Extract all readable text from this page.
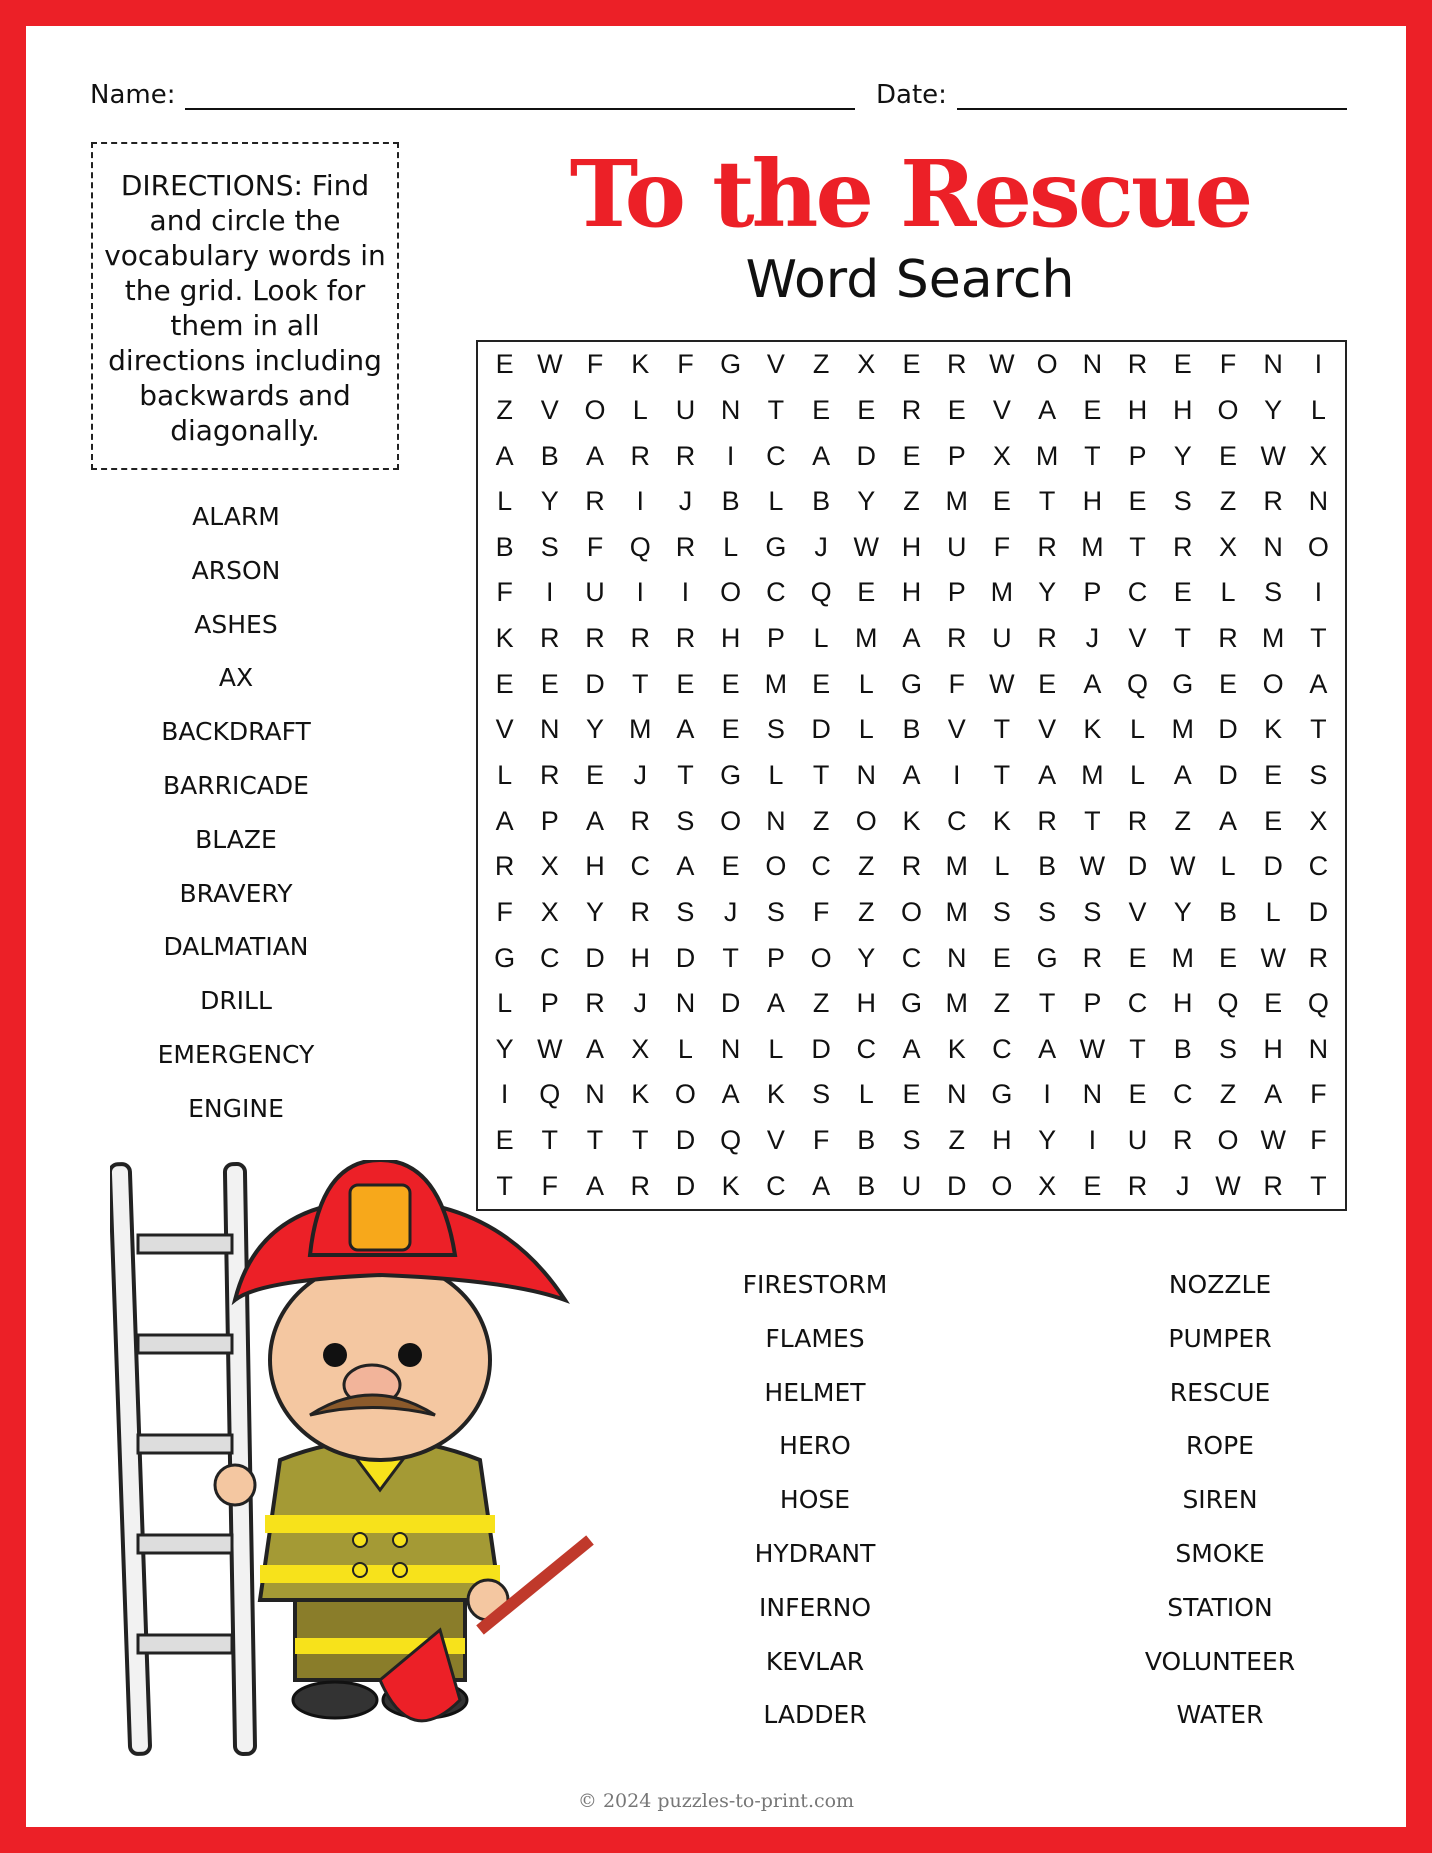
Name:	Date:
DIRECTIONS: Find and circle the vocabulary words in the grid. Look for them in all directions including backwards and diagonally.
To the Rescue
Word Search
E W F	K	F G V	Z	X	E R W O N R E	F	N	I
Z	V O	L	U N	T	E	E R E	V	A	E H H O Y	L
A	B	A R R	I	C A D E	P	X M T	P	Y	E W X
L	Y R	I	J	B	L	B	Y	Z M E	T	H E	S	Z	R N
B	S	F Q R	L	G	J W H U	F	R M T	R X N O
F	I	U	I	I	O C Q E H P M Y	P C E	L	S	I
K R R R R H P	L M A R U R	J	V	T	R M T
E	E D	T	E	E M E	L	G F W E	A Q G E O A
V N Y M A	E	S D	L	B	V	T	V	K	L M D K	T
L	R E	J	T G	L	T	N A	I	T	A M L	A D E	S
A	P	A R S O N	Z O K C K R	T	R	Z	A	E	X
R X H C A	E O C	Z	R M L	B W D W L	D C
F	X	Y R S	J	S	F	Z O M S	S	S	V	Y	B	L	D
G C D H D	T	P O Y C N E G R E M E W R
L	P R	J	N D A	Z	H G M Z	T	P C H Q E Q
Y W A	X	L	N	L	D C A	K C A W T	B	S H N
I	Q N K O A	K	S	L	E N G	I	N E C	Z	A	F
E	T	T	T	D Q V	F	B	S	Z	H Y	I	U R O W F
T	F	A R D K C A	B U D O X	E R	J W R	T
ALARM
ARSON
ASHES
AX
BACKDRAFT
BARRICADE
BLAZE
BRAVERY
DALMATIAN
DRILL
EMERGENCY
ENGINE
FIRESTORM
FLAMES
HELMET
HERO
HOSE
HYDRANT
INFERNO
KEVLAR
LADDER
NOZZLE
PUMPER
RESCUE
ROPE
SIREN
SMOKE
STATION
VOLUNTEER
WATER
© 2024 puzzles-to-print.com
